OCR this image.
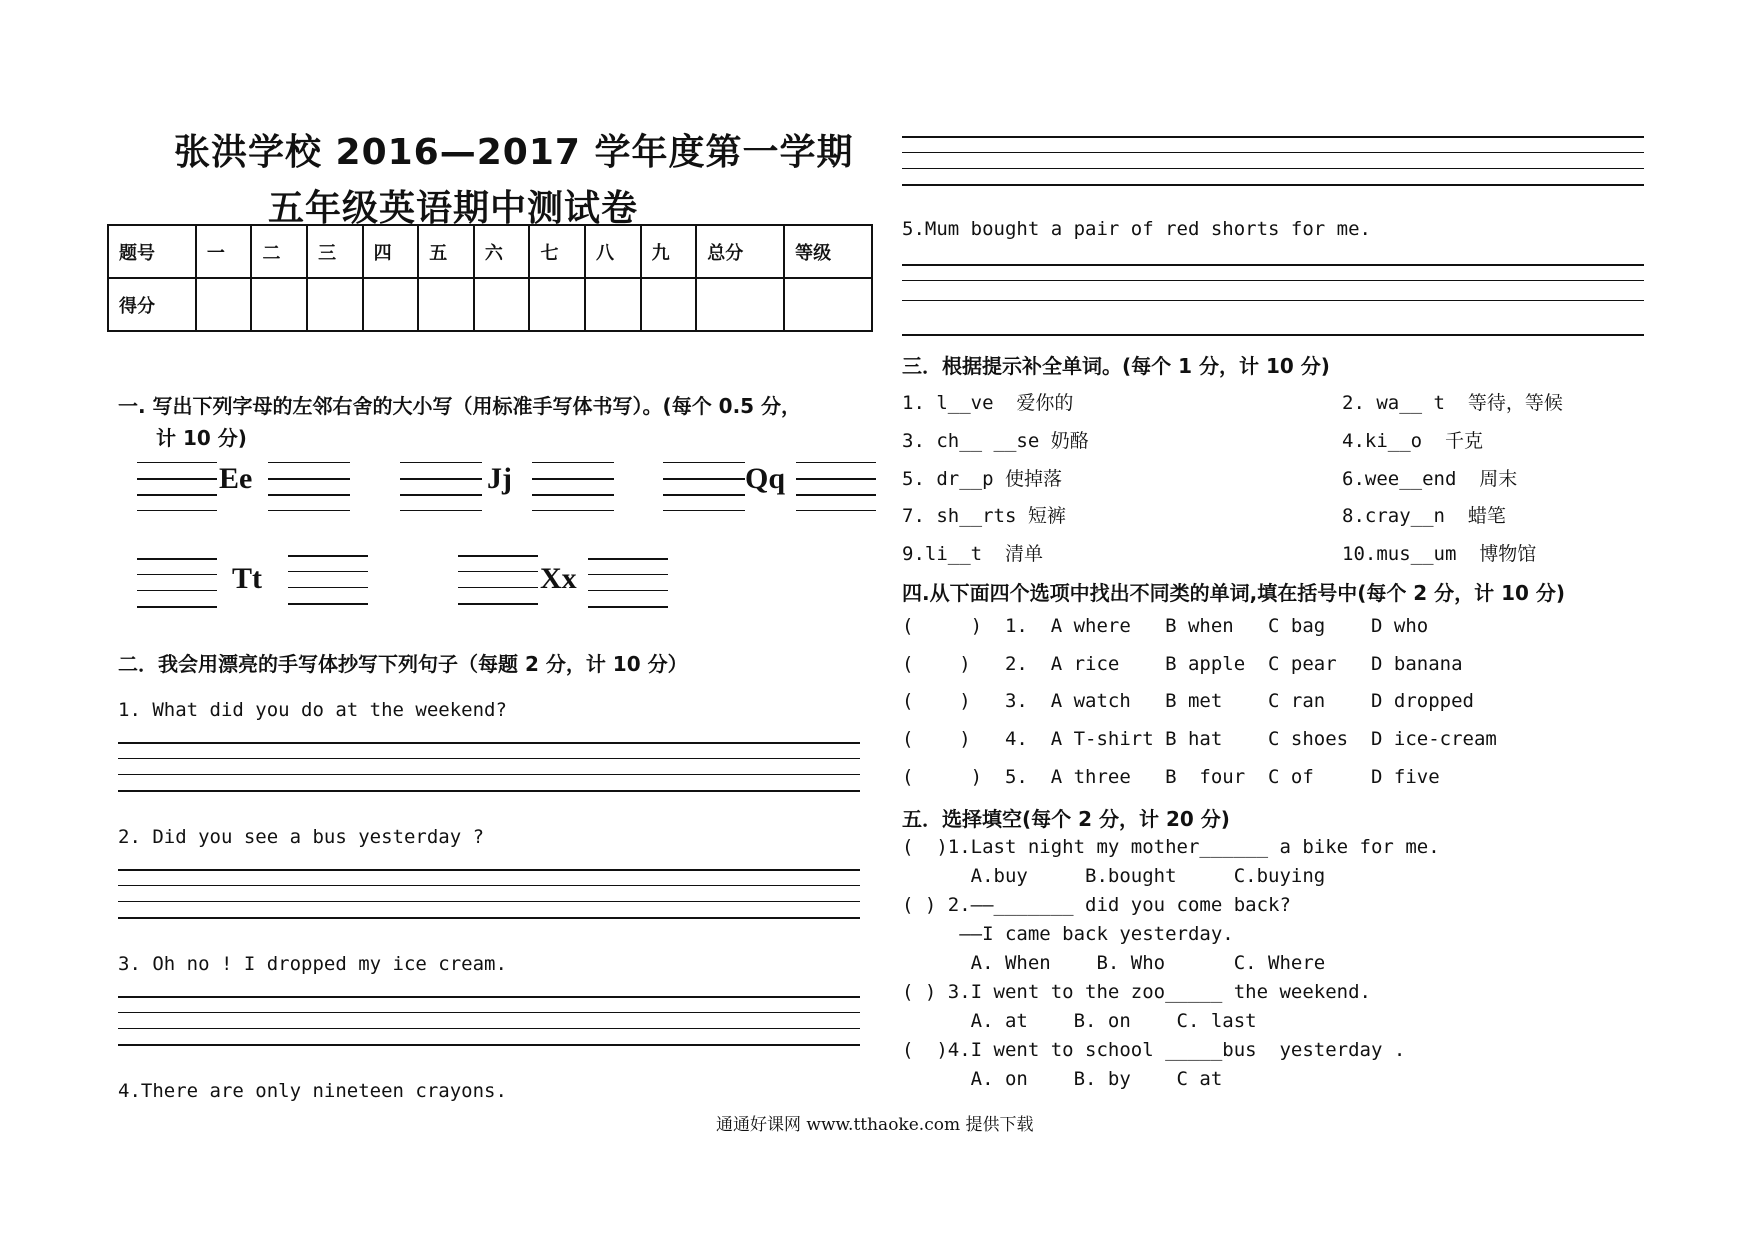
张洪学校 2016—2017 学年度第一学期
五年级英语期中测试卷
题号	一	二	三	四	五	六	七	八	九	总分	等级
得分											
一. 写出下列字母的左邻右舍的大小写（用标准手写体书写）。(每个 0.5 分，
计 10 分)
Ee	Jj	Qq
Tt	Xx
二．我会用漂亮的手写体抄写下列句子（每题 2 分，计 10 分）
1. What did you do at the weekend?
2. Did you see a bus yesterday ?
3. Oh no ! I dropped my ice cream.
4.There are only nineteen crayons.
5.Mum bought a pair of red shorts for me.
三．根据提示补全单词。(每个 1 分，计 10 分)
1. l__ve  爱你的	2. wa__ t  等待，等候
3. ch__ __se 奶酪	4.ki__o  千克
5. dr__p 使掉落	6.wee__end  周末
7. sh__rts 短裤	8.cray__n  蜡笔
9.li__t  清单	10.mus__um  博物馆
四.从下面四个选项中找出不同类的单词,填在括号中(每个 2 分，计 10 分)
(     )  1.  A where   B when   C bag    D who
(    )   2.  A rice    B apple  C pear   D banana
(    )   3.  A watch   B met    C ran    D dropped
(    )   4.  A T-shirt B hat    C shoes  D ice-cream
(     )  5.  A three   B  four  C of     D five
五．选择填空(每个 2 分，计 20 分)
(  )1.Last night my mother______ a bike for me.
A.buy     B.bought     C.buying
( ) 2.——_______ did you come back?
——I came back yesterday.
A. When    B. Who      C. Where
( ) 3.I went to the zoo_____ the weekend.
A. at    B. on    C. last
(  )4.I went to school _____bus  yesterday .
A. on    B. by    C at
通通好课网 www.tthaoke.com 提供下载
